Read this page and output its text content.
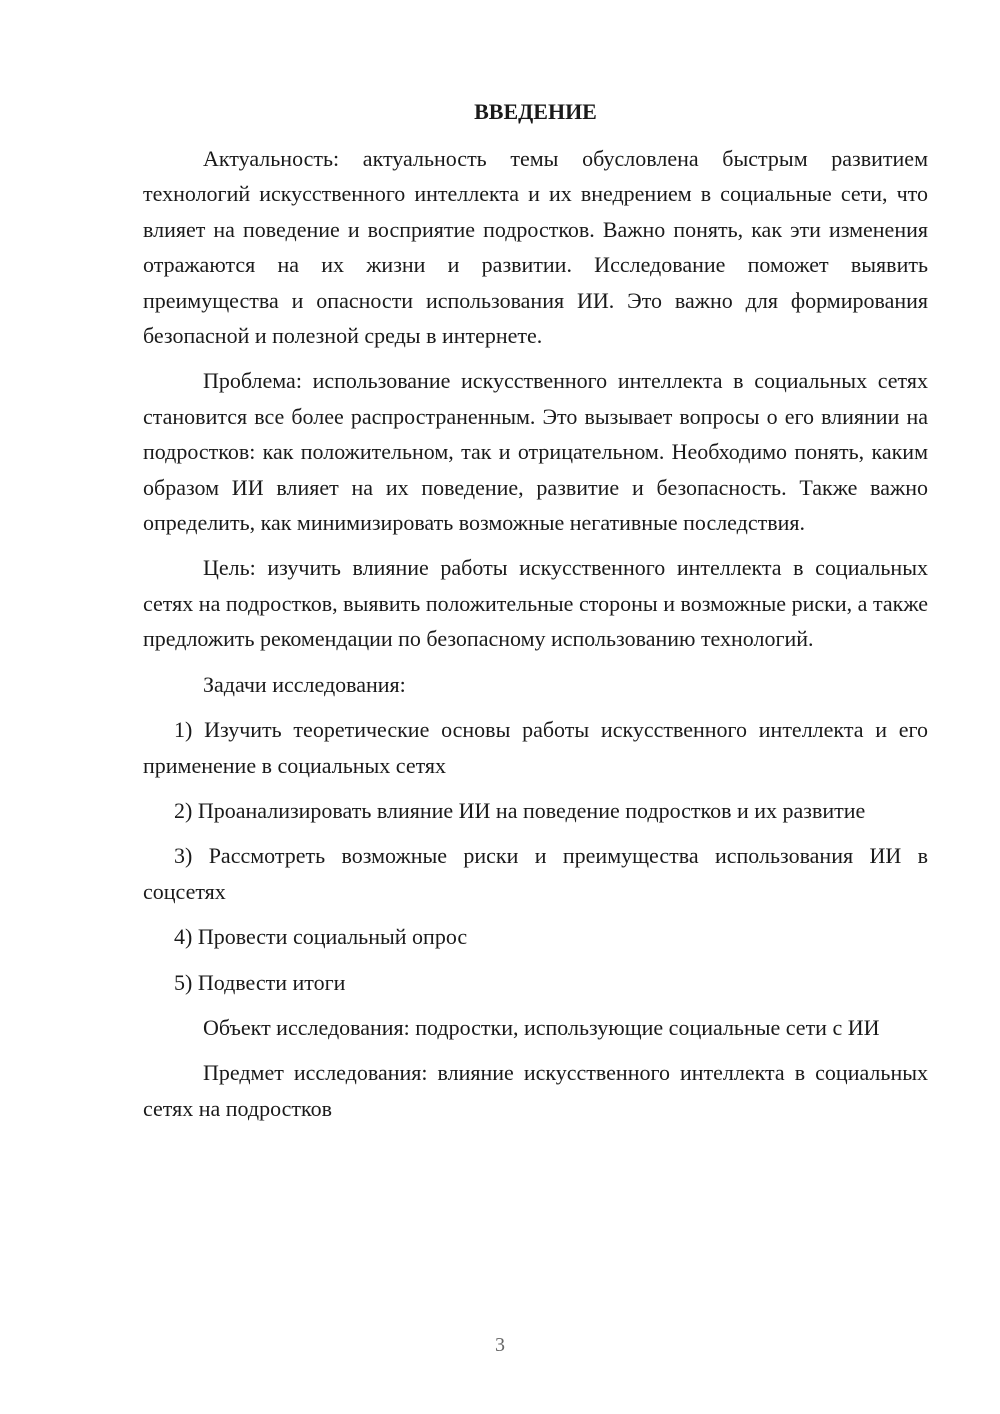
ВВЕДЕНИЕ

Актуальность: актуальность темы обусловлена быстрым развитием технологий искусственного интеллекта и их внедрением в социальные сети, что влияет на поведение и восприятие подростков. Важно понять, как эти изменения отражаются на их жизни и развитии. Исследование поможет выявить преимущества и опасности использования ИИ. Это важно для формирования безопасной и полезной среды в интернете.

Проблема: использование искусственного интеллекта в социальных сетях становится все более распространенным. Это вызывает вопросы о его влиянии на подростков: как положительном, так и отрицательном. Необходимо понять, каким образом ИИ влияет на их поведение, развитие и безопасность. Также важно определить, как минимизировать возможные негативные последствия.

Цель: изучить влияние работы искусственного интеллекта в социальных сетях на подростков, выявить положительные стороны и возможные риски, а также предложить рекомендации по безопасному использованию технологий.

Задачи исследования:

1) Изучить теоретические основы работы искусственного интеллекта и его применение в социальных сетях

2) Проанализировать влияние ИИ на поведение подростков и их развитие

3) Рассмотреть возможные риски и преимущества использования ИИ в соцсетях

4) Провести социальный опрос

5) Подвести итоги

Объект исследования: подростки, использующие социальные сети с ИИ

Предмет исследования: влияние искусственного интеллекта в социальных сетях на подростков

3
